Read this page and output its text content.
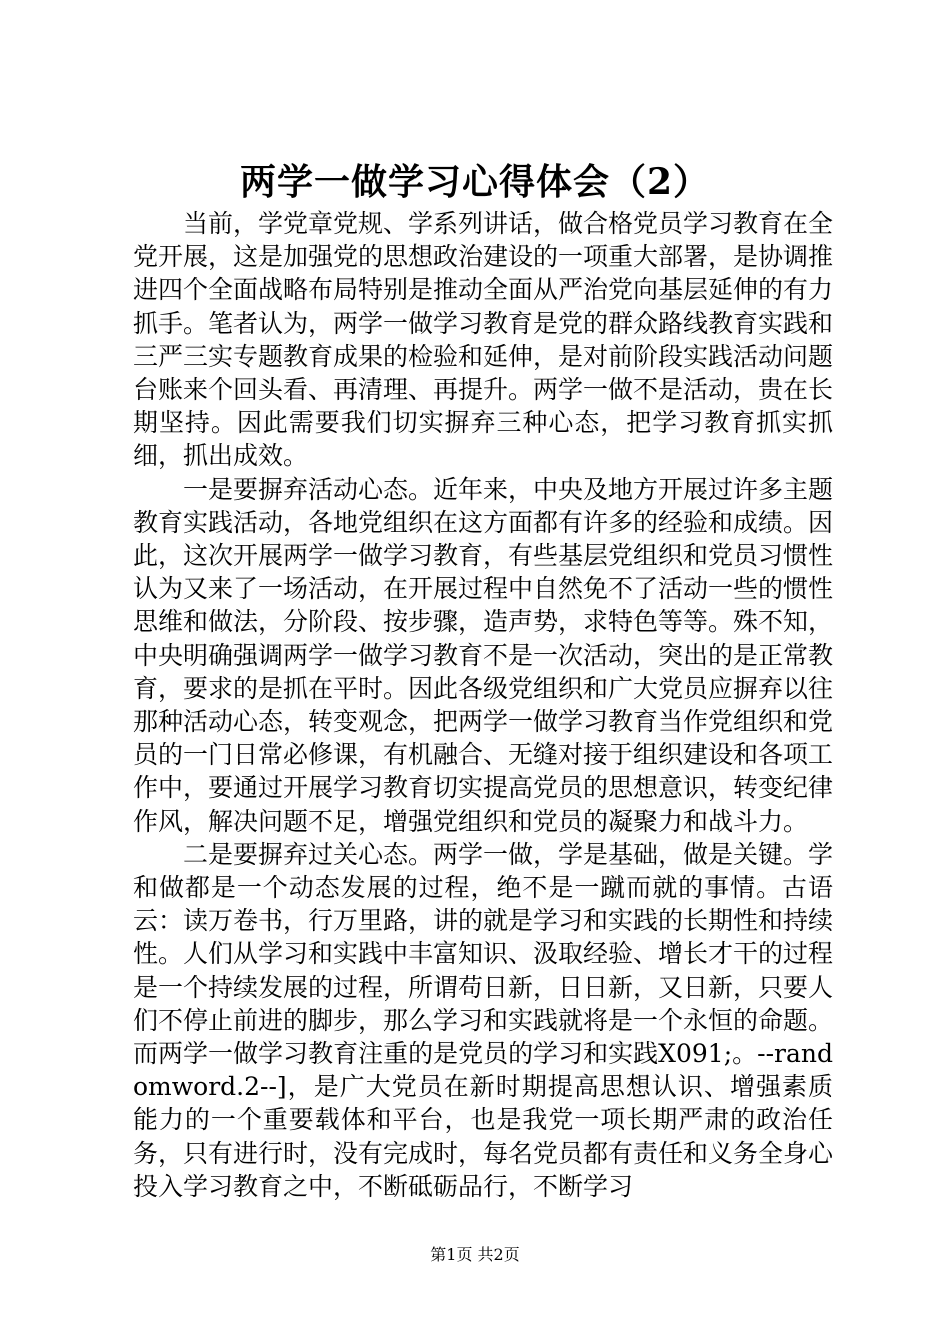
两学一做学习心得体会（2）

当前，学党章党规、学系列讲话，做合格党员学习教育在全党开展，这是加强党的思想政治建设的一项重大部署，是协调推进四个全面战略布局特别是推动全面从严治党向基层延伸的有力抓手。笔者认为，两学一做学习教育是党的群众路线教育实践和三严三实专题教育成果的检验和延伸，是对前阶段实践活动问题台账来个回头看、再清理、再提升。两学一做不是活动，贵在长期坚持。因此需要我们切实摒弃三种心态，把学习教育抓实抓细，抓出成效。

一是要摒弃活动心态。近年来，中央及地方开展过许多主题教育实践活动，各地党组织在这方面都有许多的经验和成绩。因此，这次开展两学一做学习教育，有些基层党组织和党员习惯性认为又来了一场活动，在开展过程中自然免不了活动一些的惯性思维和做法，分阶段、按步骤，造声势，求特色等等。殊不知，中央明确强调两学一做学习教育不是一次活动，突出的是正常教育，要求的是抓在平时。因此各级党组织和广大党员应摒弃以往那种活动心态，转变观念，把两学一做学习教育当作党组织和党员的一门日常必修课，有机融合、无缝对接于组织建设和各项工作中，要通过开展学习教育切实提高党员的思想意识，转变纪律作风，解决问题不足，增强党组织和党员的凝聚力和战斗力。

二是要摒弃过关心态。两学一做，学是基础，做是关键。学和做都是一个动态发展的过程，绝不是一蹴而就的事情。古语云：读万卷书，行万里路，讲的就是学习和实践的长期性和持续性。人们从学习和实践中丰富知识、汲取经验、增长才干的过程是一个持续发展的过程，所谓苟日新，日日新，又日新，只要人们不停止前进的脚步，那么学习和实践就将是一个永恒的命题。而两学一做学习教育注重的是党员的学习和实践X091;。--randomword.2--]，是广大党员在新时期提高思想认识、增强素质能力的一个重要载体和平台，也是我党一项长期严肃的政治任务，只有进行时，没有完成时，每名党员都有责任和义务全身心投入学习教育之中，不断砥砺品行，不断学习

第1页 共2页
